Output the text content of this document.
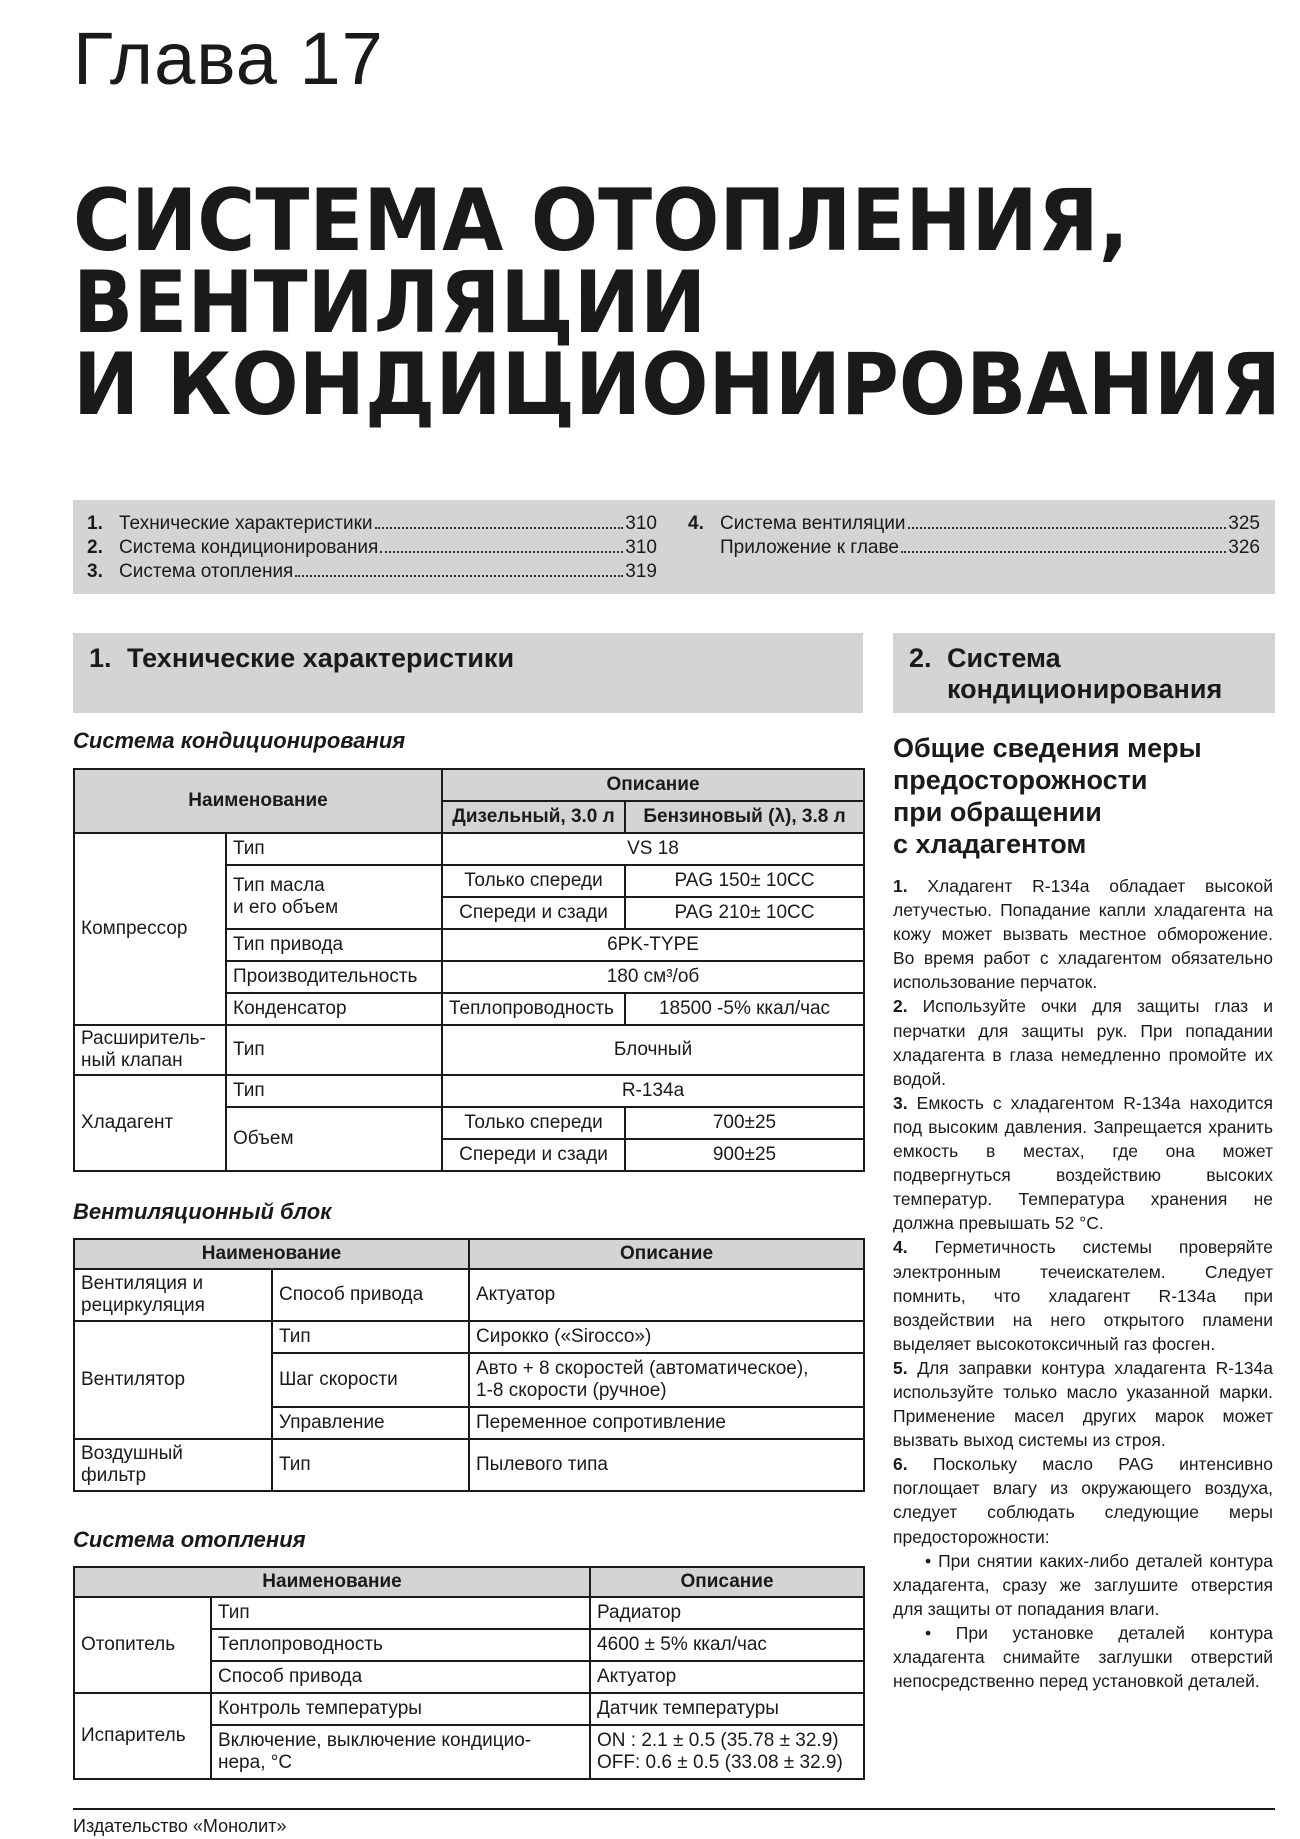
Глава 17
СИСТЕМА ОТОПЛЕНИЯ,
ВЕНТИЛЯЦИИ
И КОНДИЦИОНИРОВАНИЯ
1. Технические характеристики	310
2. Система кондиционирования	310
3. Система отопления	319
4. Система вентиляции	325
Приложение к главе	326
1. Технические характеристики	2. Система
кондиционирования
Система кондиционирования
Наименование		Описание	
		Дизельный, 3.0 л	Бензиновый (λ), 3.8 л
Компрессор	Тип	VS 18	
	Тип масла
и его объем	Только спереди	PAG 150± 10CC
		Спереди и сзади	PAG 210± 10CC
	Тип привода	6PK-TYPE	
	Производительность	180 см³/об	
	Конденсатор	Теплопроводность	18500 -5% ккал/час
Расширитель-
ный клапан	Тип	Блочный	
Хладагент	Тип	R-134a	
	Объем	Только спереди	700±25
		Спереди и сзади	900±25
Вентиляционный блок
Наименование		Описание
Вентиляция и
рециркуляция	Способ привода	Актуатор
Вентилятор	Тип	Сирокко («Sirocco»)
	Шаг скорости	Авто + 8 скоростей (автоматическое),
1-8 скорости (ручное)
	Управление	Переменное сопротивление
Воздушный
фильтр	Тип	Пылевого типа
Система отопления
Наименование		Описание
Отопитель	Тип	Радиатор
	Теплопроводность	4600 ± 5% ккал/час
	Способ привода	Актуатор
Испаритель	Контроль температуры	Датчик температуры
	Включение, выключение кондицио-
нера, °С	ON : 2.1 ± 0.5 (35.78 ± 32.9)
OFF: 0.6 ± 0.5 (33.08 ± 32.9)
Общие сведения меры
предосторожности
при обращении
с хладагентом

1. Хладагент R-134a обладает высокой летучестью. Попадание капли хладагента на кожу может вызвать местное обморожение. Во время работ с хладагентом обязательно использование перчаток.

2. Используйте очки для защиты глаз и перчатки для защиты рук. При попадании хладагента в глаза немедленно промойте их водой.

3. Емкость с хладагентом R-134a находится под высоким давления. Запрещается хранить емкость в местах, где она может подвергнуться воздействию высоких температур. Температура хранения не должна превышать 52 °С.

4. Герметичность системы проверяйте электронным течеискателем. Следует помнить, что хладагент R-134a при воздействии на него открытого пламени выделяет высокотоксичный газ фосген.

5. Для заправки контура хладагента R-134a используйте только масло указанной марки. Применение масел других марок может вызвать выход системы из строя.

6. Поскольку масло PAG интенсивно поглощает влагу из окружающего воздуха, следует соблюдать следующие меры предосторожности:

• При снятии каких-либо деталей контура хладагента, сразу же заглушите отверстия для защиты от попадания влаги.

• При установке деталей контура хладагента снимайте заглушки отверстий непосредственно перед установкой деталей.

Издательство «Монолит»
